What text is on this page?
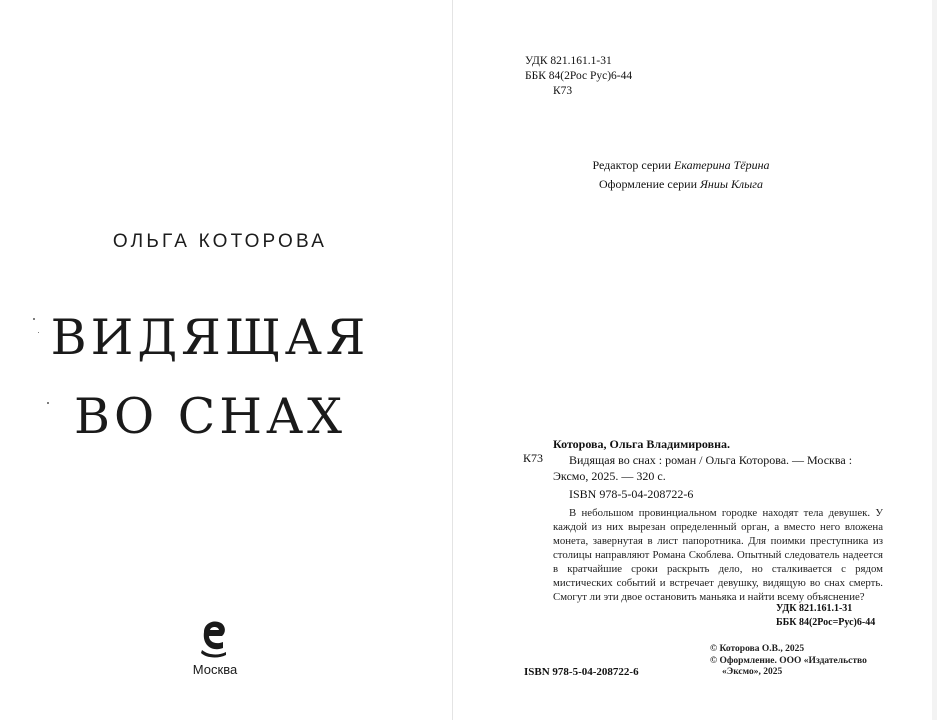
ОЛЬГА КОТОРОВА
ВИДЯЩАЯ
ВО СНАХ
Москва
УДК 821.161.1-31
ББК 84(2Рос Рус)6-44
К73
Редактор серии Екатерина Тёрина
Оформление серии Яниы Клыга
К73
Которова, Ольга Владимировна.
Видящая во снах : роман / Ольга Которова. — Москва : Эксмо, 2025. — 320 с.
ISBN 978-5-04-208722-6
В небольшом провинциальном городке находят тела девушек. У каждой из них вырезан определенный орган, а вместо него вложена монета, завернутая в лист папоротника. Для поимки преступника из столицы направляют Романа Скоблева. Опытный следователь надеется в кратчайшие сроки раскрыть дело, но сталкивается с рядом мистических событий и встречает девушку, видящую во снах смерть. Смогут ли эти двое остановить маньяка и найти всему объяснение?
УДК 821.161.1-31
ББК 84(2Рос=Рус)6-44
© Которова О.В., 2025
© Оформление. ООО «Издательство
«Эксмо», 2025
ISBN 978-5-04-208722-6
